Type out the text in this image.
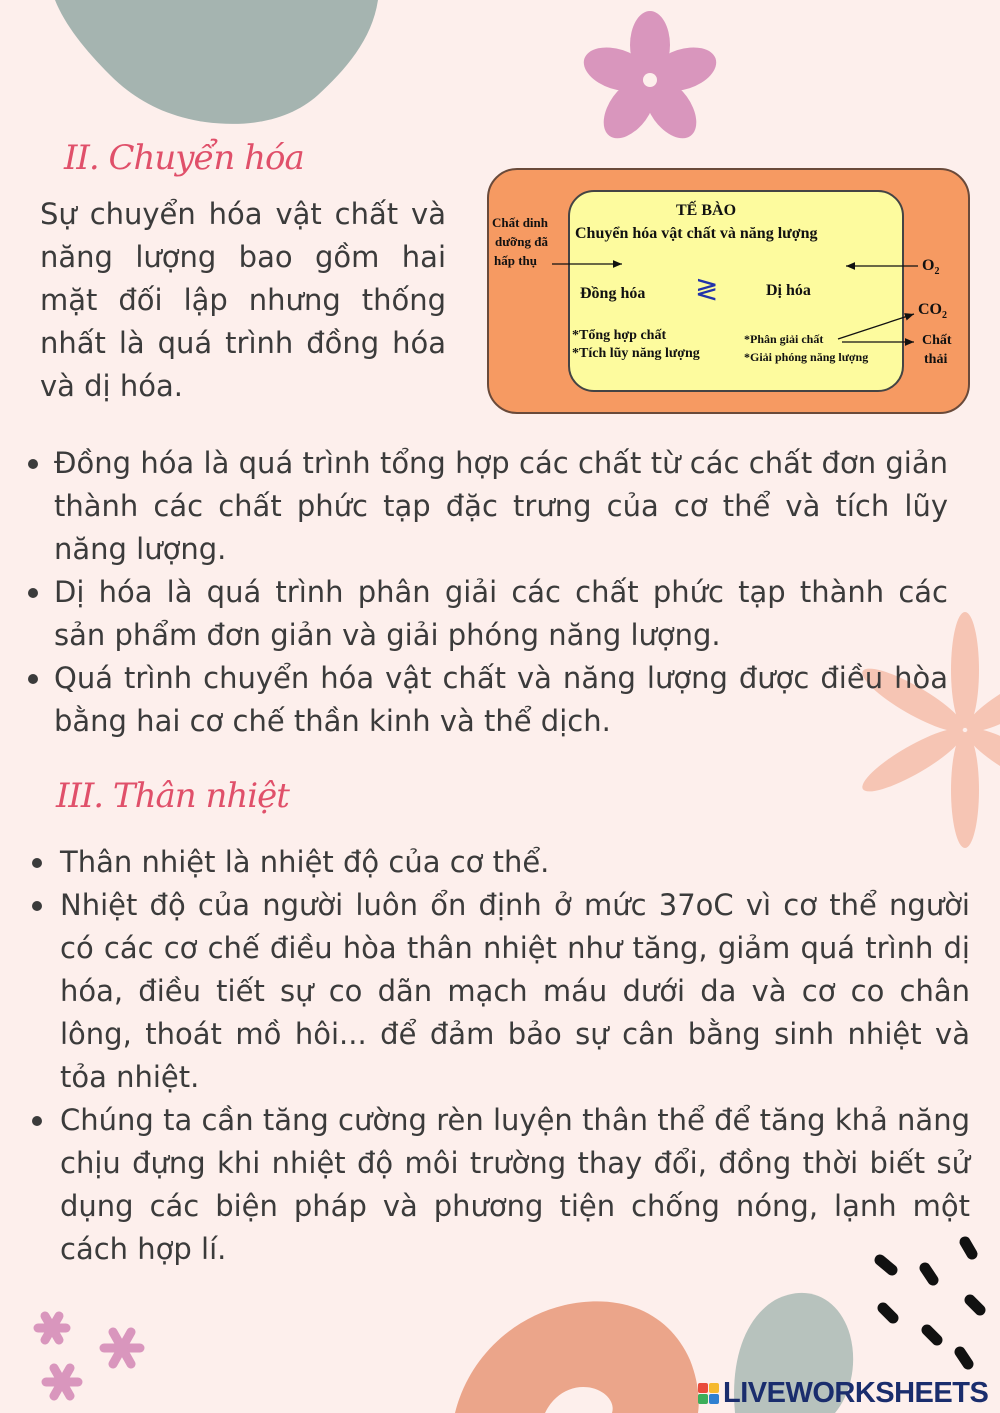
II. Chuyển hóa

Sự chuyển hóa vật chất và năng lượng bao gồm hai mặt đối lập nhưng thống nhất là quá trình đồng hóa và dị hóa.

TẾ BÀO

Chuyển hóa vật chất và năng lượng

Chất dinh

dưỡng đã

hấp thụ

Đồng hóa ≷	Dị hóa

*Tổng hợp chất

*Tích lũy năng lượng

*Phân giải chất

*Giải phóng năng lượng

$O_2$

$CO_2$

Chất

thải

Đồng hóa là quá trình tổng hợp các chất từ các chất đơn giản thành các chất phức tạp đặc trưng của cơ thể và tích lũy năng lượng.
Dị hóa là quá trình phân giải các chất phức tạp thành các sản phẩm đơn giản và giải phóng năng lượng.
Quá trình chuyển hóa vật chất và năng lượng được điều hòa bằng hai cơ chế thần kinh và thể dịch.
III. Thân nhiệt
Thân nhiệt là nhiệt độ của cơ thể.
Nhiệt độ của người luôn ổn định ở mức 37oC vì cơ thể người có các cơ chế điều hòa thân nhiệt như tăng, giảm quá trình dị hóa, điều tiết sự co dãn mạch máu dưới da và cơ co chân lông, thoát mồ hôi... để đảm bảo sự cân bằng sinh nhiệt và tỏa nhiệt.
Chúng ta cần tăng cường rèn luyện thân thể để tăng khả năng chịu đựng khi nhiệt độ môi trường thay đổi, đồng thời biết sử dụng các biện pháp và phương tiện chống nóng, lạnh một cách hợp lí.
LIVEWORKSHEETS
